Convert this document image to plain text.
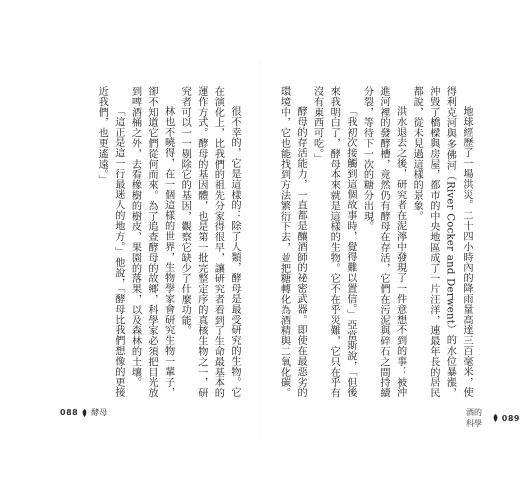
很不幸的，它是這樣的：除了人類，酵母是最受研究的生物。它在演化上，比我們的祖先分家得很早，讓研究者看到了生命最基本的運作方式。酵母的基因體，也是第一批完整定序的真核生物之一，研究者可以一一剔除它的基因，觀察它缺少了什麼功能。

林也不曉得，在一個這樣的世界，生物學家會研究生物一輩子，卻不知道它們從何而來。為了追查酵母的故鄉，科學家必須把目光放到啤酒桶之外，去看橡樹的樹皮、果園的落果，以及森林的土壤。

「這正是這一行最迷人的地方。」他說，「酵母比我們想像的更接近我們，也更遙遠。」

088 酵母

地球經歷了一場洪災。二十四小時內的降雨量高達三百毫米，使得利克河與多佛河（River Cocker and Derwent）的水位暴漲，沖毀了橋樑與房屋，都市的中央地區成了一片汪洋，連最年長的居民都說，從未見過這樣的景象。

洪水退去之後，研究者在泥濘中發現了一件意想不到的事：被沖進河裡的發酵槽，竟然仍有酵母在存活，它們在污泥與碎石之間持續分裂，等待下一次的糖分出現。

「我初次接觸到這個故事時，覺得難以置信。」亞當斯說，「但後來我明白了，酵母本來就是這樣的生物。它不在乎災難，它只在乎有沒有東西可吃。」

酵母的存活能力，一直都是釀酒師的祕密武器。即使在最惡劣的環境中，它也能找到方法繁衍下去，並把糖轉化為酒精與二氧化碳。

酒的科學
089
